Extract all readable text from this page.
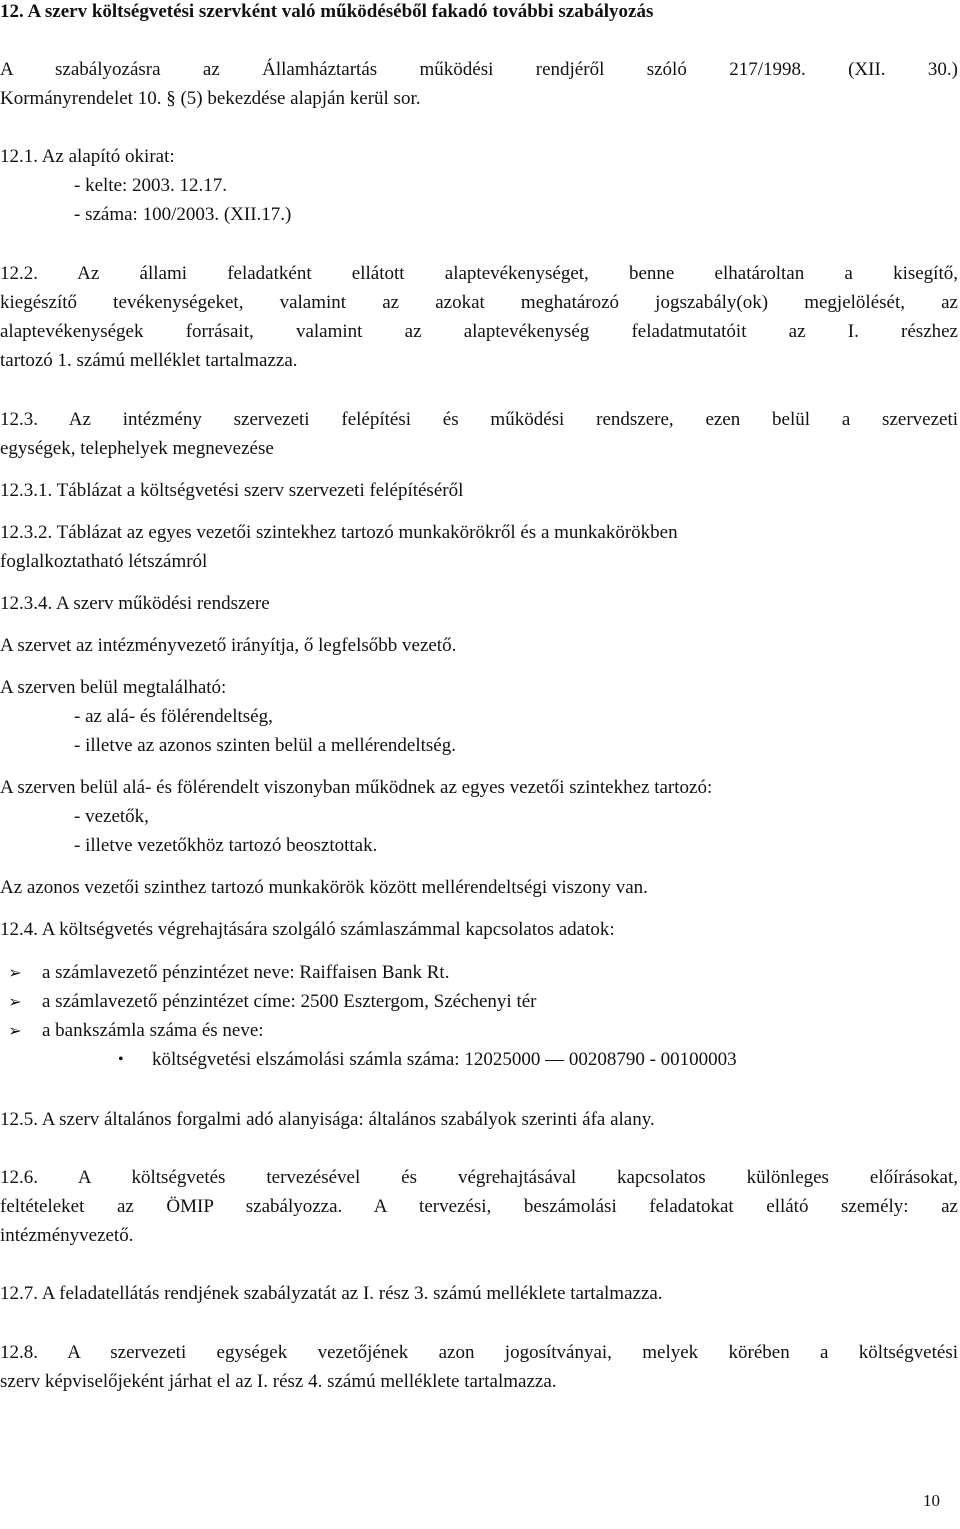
12. A szerv költségvetési szervként való működéséből fakadó további szabályozás
A szabályozásra az Államháztartás működési rendjéről szóló 217/1998. (XII. 30.)
Kormányrendelet 10. § (5) bekezdése alapján kerül sor.
12.1. Az alapító okirat:
- kelte: 2003. 12.17.
- száma: 100/2003. (XII.17.)
12.2. Az állami feladatként ellátott alaptevékenységet, benne elhatároltan a kisegítő,
kiegészítő tevékenységeket, valamint az azokat meghatározó jogszabály(ok) megjelölését, az
alaptevékenységek forrásait, valamint az alaptevékenység feladatmutatóit az I. részhez
tartozó 1. számú melléklet tartalmazza.
12.3. Az intézmény szervezeti felépítési és működési rendszere, ezen belül a szervezeti
egységek, telephelyek megnevezése
12.3.1. Táblázat a költségvetési szerv szervezeti felépítéséről
12.3.2. Táblázat az egyes vezetői szintekhez tartozó munkakörökről és a munkakörökben
foglalkoztatható létszámról
12.3.4. A szerv működési rendszere
A szervet az intézményvezető irányítja, ő legfelsőbb vezető.
A szerven belül megtalálható:
- az alá- és fölérendeltség,
- illetve az azonos szinten belül a mellérendeltség.
A szerven belül alá- és fölérendelt viszonyban működnek az egyes vezetői szintekhez tartozó:
- vezetők,
- illetve vezetőkhöz tartozó beosztottak.
Az azonos vezetői szinthez tartozó munkakörök között mellérendeltségi viszony van.
12.4. A költségvetés végrehajtására szolgáló számlaszámmal kapcsolatos adatok:
➢	a számlavezető pénzintézet neve: Raiffaisen Bank Rt.
➢	a számlavezető pénzintézet címe: 2500 Esztergom, Széchenyi tér
➢	a bankszámla száma és neve:
• költségvetési elszámolási számla száma: 12025000 — 00208790 - 00100003
12.5. A szerv általános forgalmi adó alanyisága: általános szabályok szerinti áfa alany.
12.6. A költségvetés tervezésével és végrehajtásával kapcsolatos különleges előírásokat,
feltételeket az ÖMIP szabályozza. A tervezési, beszámolási feladatokat ellátó személy: az
intézményvezető.
12.7. A feladatellátás rendjének szabályzatát az I. rész 3. számú melléklete tartalmazza.
12.8. A szervezeti egységek vezetőjének azon jogosítványai, melyek körében a költségvetési
szerv képviselőjeként járhat el az I. rész 4. számú melléklete tartalmazza.
10
